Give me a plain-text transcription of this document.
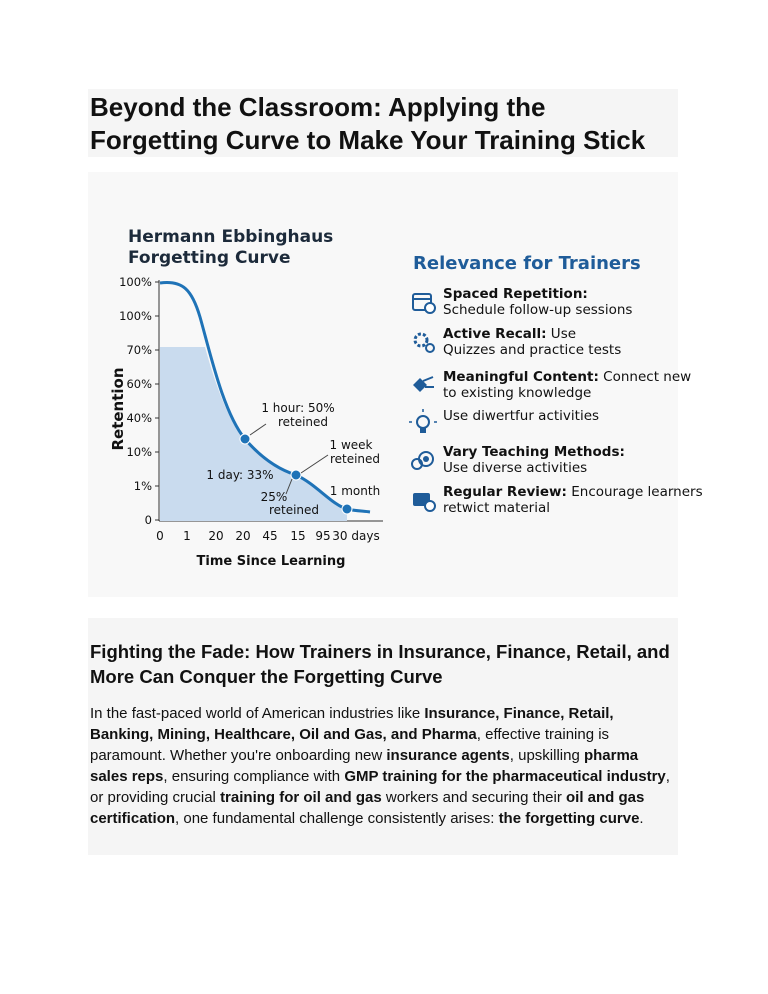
Beyond the Classroom: Applying the Forgetting Curve to Make Your Training Stick
Hermann Ebbinghaus
Forgetting Curve
100%
100%
70%
60%
40%
10%
1%
0
0 1 20 20 45 15 95 30 days
1 hour: 50%
reteined
1 day: 33%
1 week
reteined
25%
reteined
1 month
Time Since Learning
Retention
Relevance for Trainers
Spaced Repetition:
Schedule follow-up sessions
Active Recall: Use
Quizzes and practice tests
Meaningful Content: Connect new
to existing knowledge
Use diwertfur activities
Vary Teaching Methods:
Use diverse activities
Regular Review: Encourage learners
retwict material
Fighting the Fade: How Trainers in Insurance, Finance, Retail, and More Can Conquer the Forgetting Curve

In the fast-paced world of American industries like Insurance, Finance, Retail, Banking, Mining, Healthcare, Oil and Gas, and Pharma, effective training is paramount. Whether you're onboarding new insurance agents, upskilling pharma sales reps, ensuring compliance with GMP training for the pharmaceutical industry, or providing crucial training for oil and gas workers and securing their oil and gas certification, one fundamental challenge consistently arises: the forgetting curve.
